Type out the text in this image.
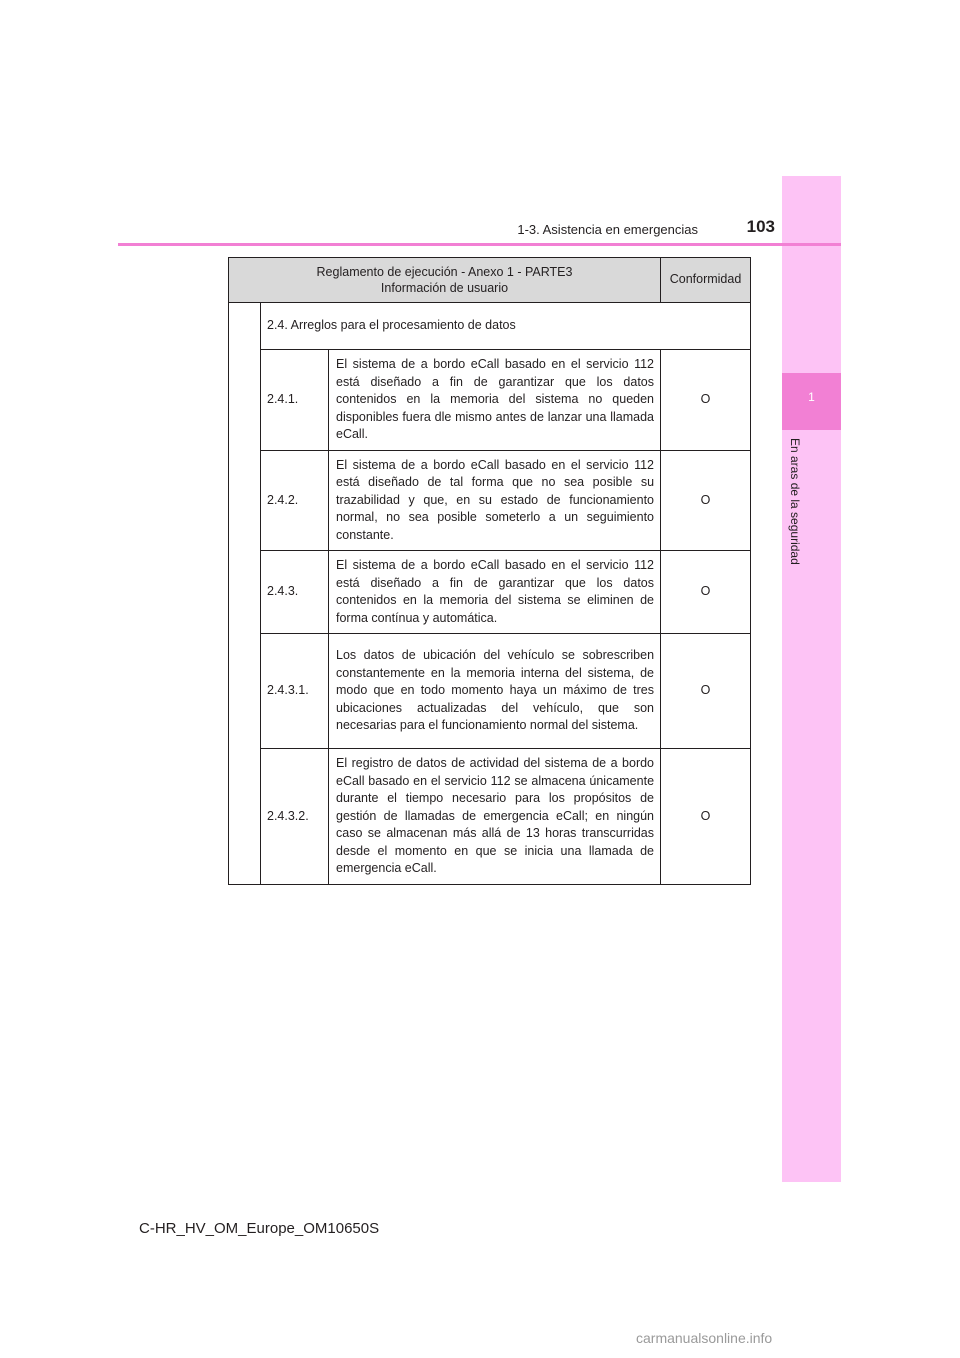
1
En aras de la seguridad
1-3. Asistencia en emergencias	103
Reglamento de ejecución - Anexo 1 - PARTE3
Información de usuario			Conformidad
	2.4. Arreglos para el procesamiento de datos		
	2.4.1.	El sistema de a bordo eCall basado en el servicio 112 está diseñado a fin de garantizar que los datos contenidos en la memoria del sistema no queden disponibles fuera dle mismo antes de lanzar una llamada eCall.	O
	2.4.2.	El sistema de a bordo eCall basado en el servicio 112 está diseñado de tal forma que no sea posible su trazabilidad y que, en su estado de funcionamiento normal, no sea posible someterlo a un seguimiento constante.	O
	2.4.3.	El sistema de a bordo eCall basado en el servicio 112 está diseñado a fin de garantizar que los datos contenidos en la memoria del sistema se eliminen de forma contínua y automática.	O
	2.4.3.1.	Los datos de ubicación del vehículo se sobrescriben constantemente en la memoria interna del sistema, de modo que en todo momento haya un máximo de tres ubicaciones actualizadas del vehículo, que son necesarias para el funcionamiento normal del sistema.	O
	2.4.3.2.	El registro de datos de actividad del sistema de a bordo eCall basado en el servicio 112 se almacena únicamente durante el tiempo necesario para los propósitos de gestión de llamadas de emergencia eCall; en ningún caso se almacenan más allá de 13 horas transcurridas desde el momento en que se inicia una llamada de emergencia eCall.	O
C-HR_HV_OM_Europe_OM10650S
carmanualsonline.info
